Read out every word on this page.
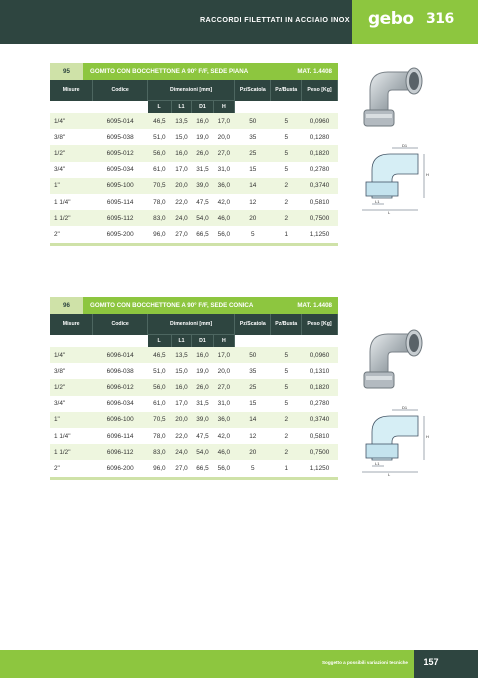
RACCORDI FILETTATI IN ACCIAIO INOX gebo 316
95	GOMITO CON BOCCHETTONE A 90° F/F, SEDE PIANA	MAT. 1.4408
Misure	Codice	Dimensioni [mm]				Pz/Scatola	Pz/Busta	Peso [Kg]
		L	L1	D1	H			
1/4"	6095-014	46,5	13,5	16,0	17,0	50	5	0,0960
3/8"	6095-038	51,0	15,0	19,0	20,0	35	5	0,1280
1/2"	6095-012	56,0	16,0	26,0	27,0	25	5	0,1820
3/4"	6095-034	61,0	17,0	31,5	31,0	15	5	0,2780
1"	6095-100	70,5	20,0	39,0	36,0	14	2	0,3740
1 1/4"	6095-114	78,0	22,0	47,5	42,0	12	2	0,5810
1 1/2"	6095-112	83,0	24,0	54,0	46,0	20	2	0,7500
2"	6095-200	96,0	27,0	66,5	56,0	5	1	1,1250

96	GOMITO CON BOCCHETTONE A 90° F/F, SEDE CONICA	MAT. 1.4408
Misure	Codice	Dimensioni [mm]				Pz/Scatola	Pz/Busta	Peso [Kg]
		L	L1	D1	H			
1/4"	6096-014	46,5	13,5	16,0	17,0	50	5	0,0960
3/8"	6096-038	51,0	15,0	19,0	20,0	35	5	0,1310
1/2"	6096-012	56,0	16,0	26,0	27,0	25	5	0,1820
3/4"	6096-034	61,0	17,0	31,5	31,0	15	5	0,2780
1"	6096-100	70,5	20,0	39,0	36,0	14	2	0,3740
1 1/4"	6096-114	78,0	22,0	47,5	42,0	12	2	0,5810
1 1/2"	6096-112	83,0	24,0	54,0	46,0	20	2	0,7500
2"	6096-200	96,0	27,0	66,5	56,0	5	1	1,1250

D1
H
L1
L
D1
H
L1
L
Soggetto a possibili variazioni tecniche	157
